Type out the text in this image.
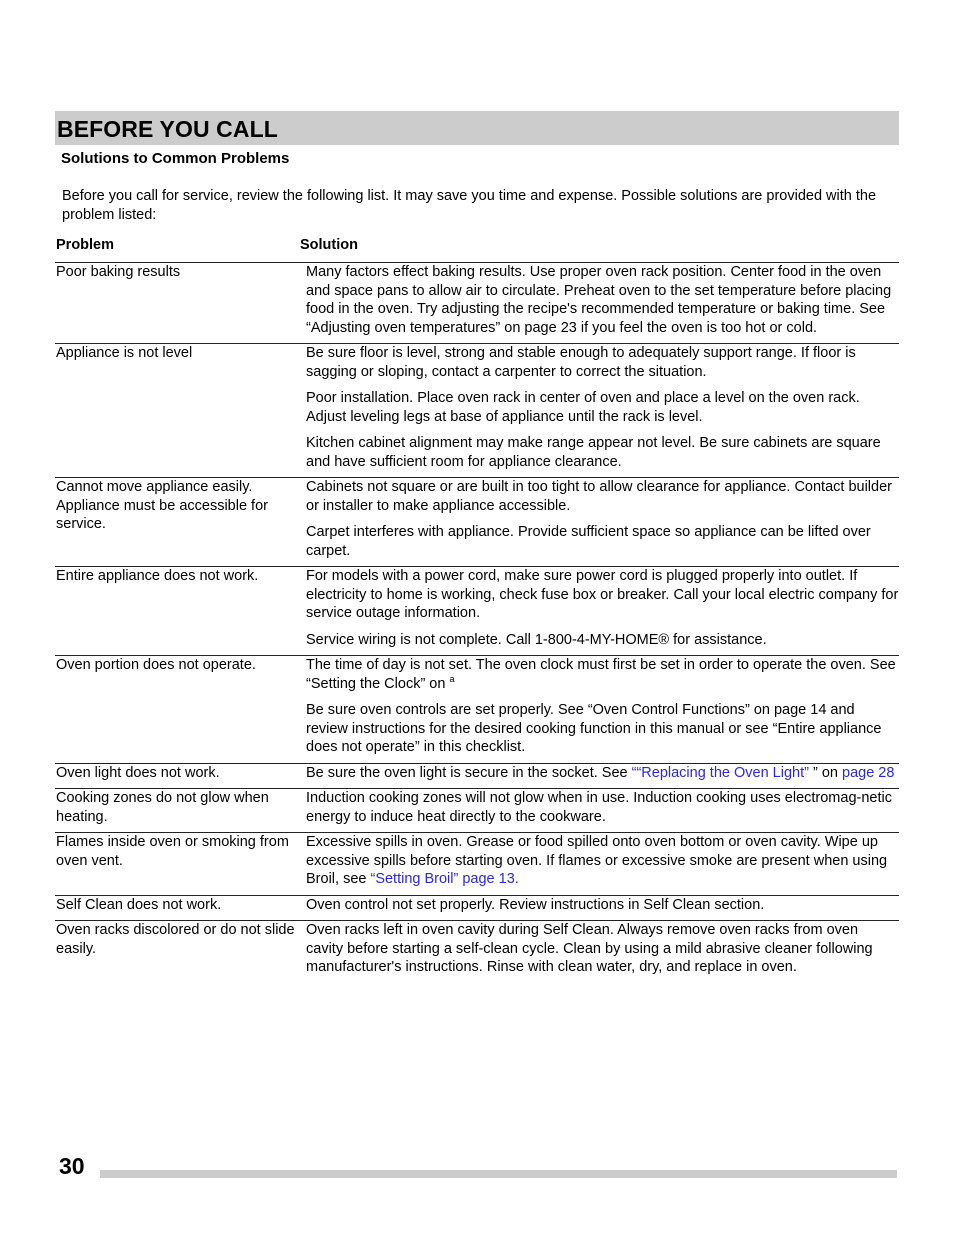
BEFORE YOU CALL
Solutions to Common Problems
Before you call for service, review the following list. It may save you time and expense. Possible solutions are provided with the problem listed:
Problem	Solution
Poor baking results	Many factors effect baking results. Use proper oven rack position. Center food in the oven and space pans to allow air to circulate. Preheat oven to the set temperature before placing food in the oven. Try adjusting the recipe's recommended temperature or baking time. See “Adjusting oven temperatures” on page 23 if you feel the oven is too hot or cold.

Appliance is not level	Be sure floor is level, strong and stable enough to adequately support range. If floor is sagging or sloping, contact a carpenter to correct the situation.

Poor installation. Place oven rack in center of oven and place a level on the oven rack. Adjust leveling legs at base of appliance until the rack is level.

Kitchen cabinet alignment may make range appear not level. Be sure cabinets are square and have sufficient room for appliance clearance.

Cannot move appliance easily. Appliance must be accessible for service.	Cabinets not square or are built in too tight to allow clearance for appliance. Contact builder or installer to make appliance accessible.

Carpet interferes with appliance. Provide sufficient space so appliance can be lifted over carpet.

Entire appliance does not work.	For models with a power cord, make sure power cord is plugged properly into outlet. If electricity to home is working, check fuse box or breaker. Call your local electric company for service outage information.

Service wiring is not complete. Call 1-800-4-MY-HOME® for assistance.

Oven portion does not operate.	The time of day is not set. The oven clock must first be set in order to operate the oven. See “Setting the Clock” on $^a$

Be sure oven controls are set properly. See “Oven Control Functions” on page 14 and review instructions for the desired cooking function in this manual or see “Entire appliance does not operate” in this checklist.

Oven light does not work.	Be sure the oven light is secure in the socket. See ““Replacing the Oven Light” ” on page 28

Cooking zones do not glow when heating.	Induction cooking zones will not glow when in use. Induction cooking uses electromag-netic energy to induce heat directly to the cookware.

Flames inside oven or smoking from oven vent.	Excessive spills in oven. Grease or food spilled onto oven bottom or oven cavity. Wipe up excessive spills before starting oven. If flames or excessive smoke are present when using Broil, see “Setting Broil” page 13.

Self Clean does not work.	Oven control not set properly. Review instructions in Self Clean section.

Oven racks discolored or do not slide easily.	Oven racks left in oven cavity during Self Clean. Always remove oven racks from oven cavity before starting a self-clean cycle. Clean by using a mild abrasive cleaner following manufacturer's instructions. Rinse with clean water, dry, and replace in oven.

30
